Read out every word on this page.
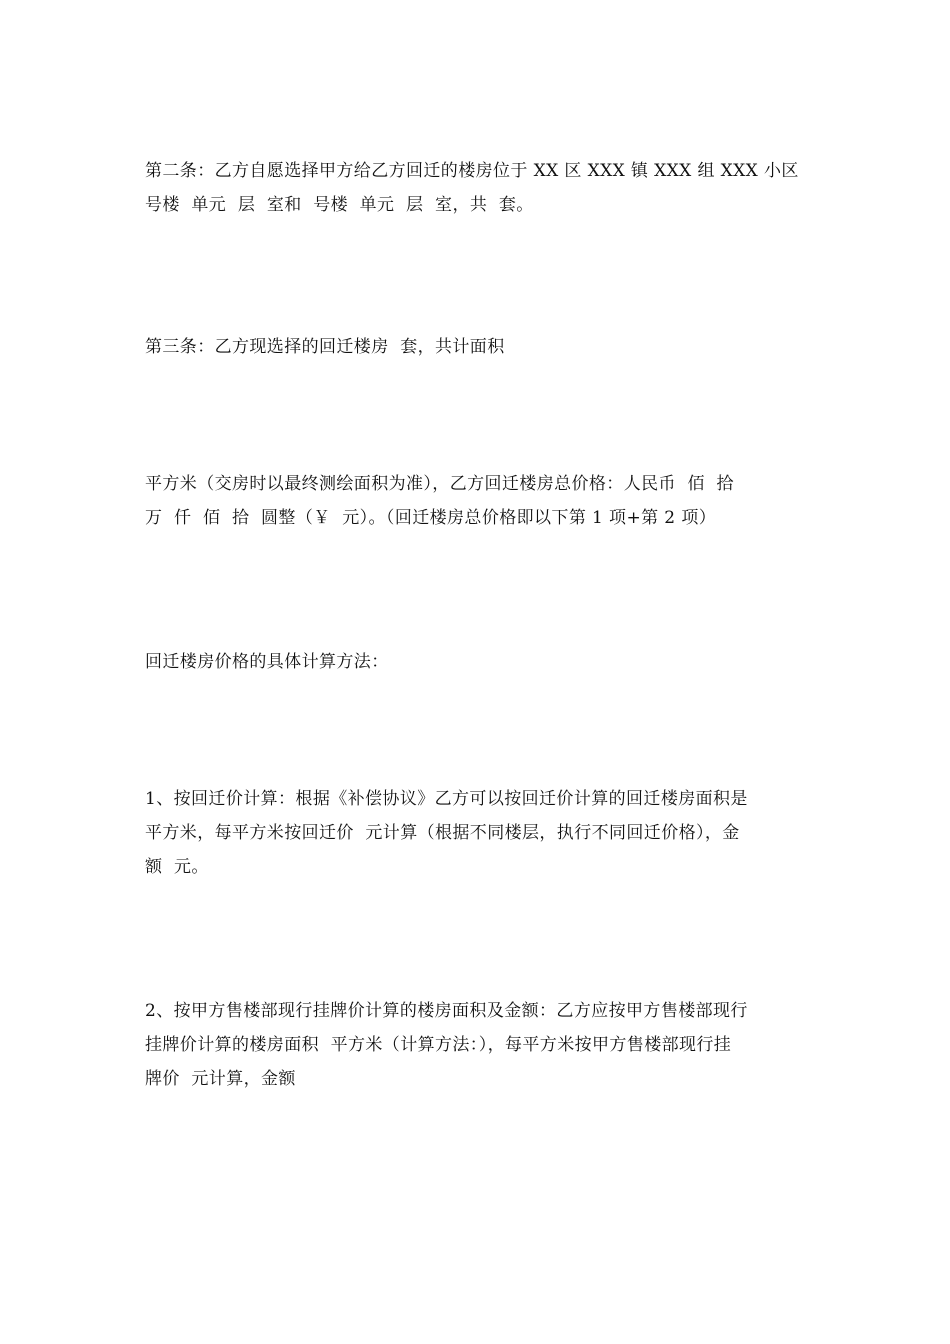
第二条：乙方自愿选择甲方给乙方回迁的楼房位于 XX 区 XXX 镇 XXX 组 XXX 小区
号楼  单元  层  室和  号楼  单元  层  室，共  套。

第三条：乙方现选择的回迁楼房  套，共计面积

平方米（交房时以最终测绘面积为准），乙方回迁楼房总价格：人民币  佰  拾
万  仟  佰  拾  圆整（￥  元）。（回迁楼房总价格即以下第 1 项+第 2 项）

回迁楼房价格的具体计算方法：

1、按回迁价计算：根据《补偿协议》乙方可以按回迁价计算的回迁楼房面积是
平方米，每平方米按回迁价  元计算（根据不同楼层，执行不同回迁价格），金
额  元。

2、按甲方售楼部现行挂牌价计算的楼房面积及金额：乙方应按甲方售楼部现行
挂牌价计算的楼房面积  平方米（计算方法：），每平方米按甲方售楼部现行挂
牌价  元计算，金额
